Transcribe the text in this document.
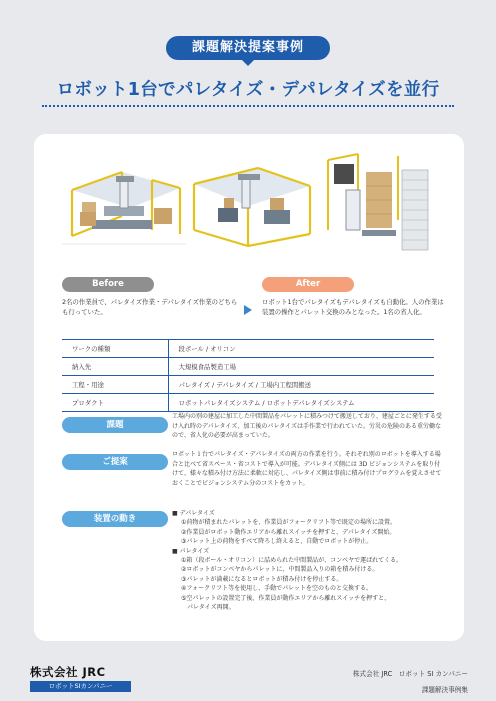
課題解決提案事例
ロボット1台でパレタイズ・デパレタイズを並行
Before	After
2名の作業員で、パレタイズ作業・デパレタイズ作業のどちらも行っていた。
ロボット1台でパレタイズもデパレタイズも自動化。人の作業は装置の操作とパレット交換のみとなった。1名の省人化。
ワークの種類	段ボール / オリコン
納入先	大規模食品製造工場
工程・用途	パレタイズ / デパレタイズ / 工場内工程間搬送
プロダクト	ロボットパレタイズシステム / ロボットデパレタイズシステム
課題
工場内の別の建屋に加工した中間製品をパレットに積みつけて搬送しており、建屋ごとに発生する受け入れ時のデパレタイズ、加工後のパレタイズは手作業で行われていた。労災の危険のある重労働なので、省人化の必要が高まっていた。
ご提案
ロボット１台でパレタイズ・デパレタイズの両方の作業を行う。それぞれ別のロボットを導入する場合と比べて省スペース・省コストで導入が可能。デパレタイズ側には 3D ビジョンシステムを取り付けて、様々な積み付け方法に柔軟に対応し、パレタイズ側は事前に積み付けプログラムを覚えさせておくことでビジョンシステム分のコストをカット。
装置の動き
■ デパレタイズ
①荷物が積まれたパレットを、作業員がフォークリフト等で既定の場所に設置。
②作業員がロボット動作エリアから離れスイッチを押すと、デパレタイズ開始。
③パレット上の荷物をすべて降ろし終えると、自動でロボットが停止。
■ パレタイズ
①箱（段ボール・オリコン）に詰められた中間製品が、コンベヤで運ばれてくる。
②ロボットがコンベヤからパレットに、中間製品入りの箱を積み付ける。
③パレットが満載になるとロボットが積み付けを停止する。
④フォークリフト等を使用し、手動でパレットを空のものと交換する。
⑤空パレットの設置完了後、作業員が動作エリアから離れスイッチを押すと、
パレタイズ再開。
株式会社 JRC
ロボットSIカンパニー
株式会社 JRC　ロボット SI カンパニー
課題解決事例集
